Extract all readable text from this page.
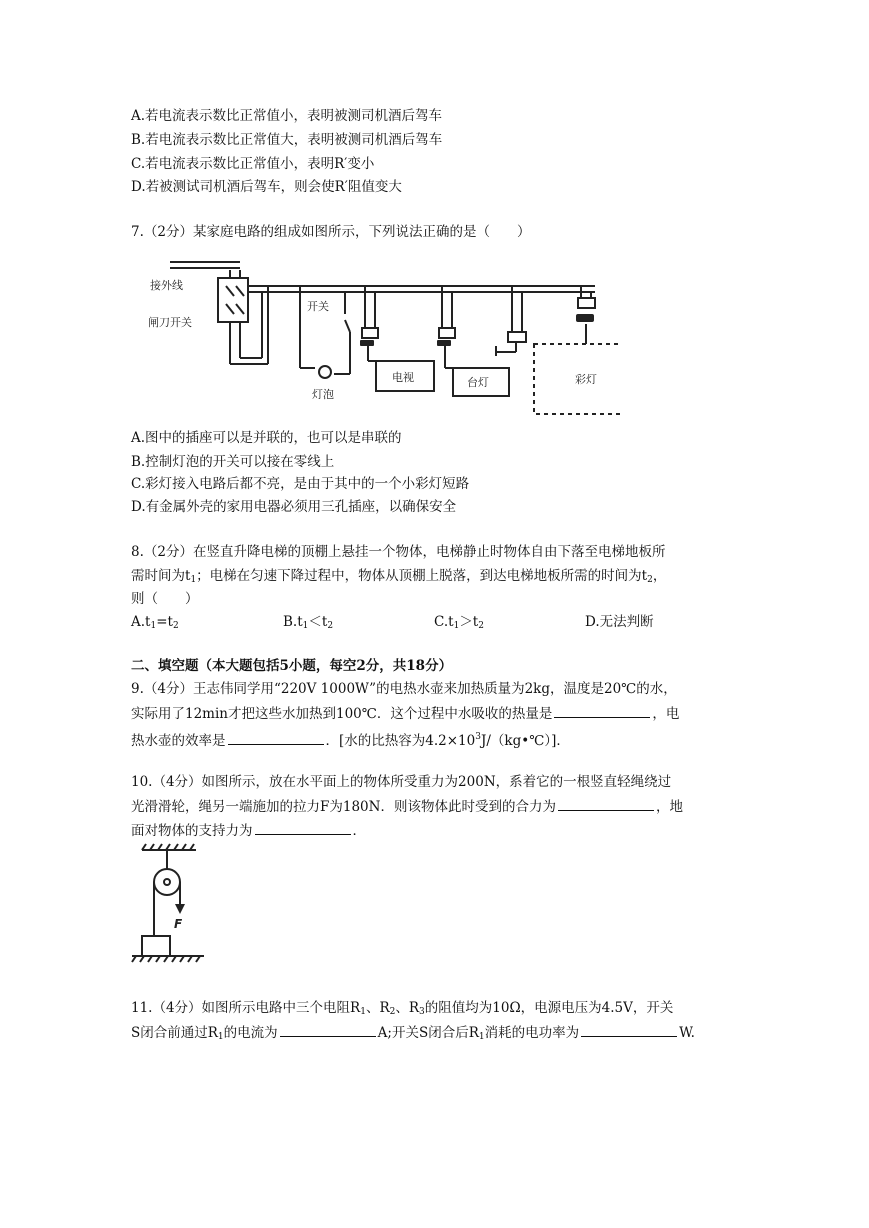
A.若电流表示数比正常值小，表明被测司机酒后驾车
B.若电流表示数比正常值大，表明被测司机酒后驾车
C.若电流表示数比正常值小，表明R′变小
D.若被测试司机酒后驾车，则会使R′阻值变大
7.（2分）某家庭电路的组成如图所示，下列说法正确的是（　　）
接外线
闸刀开关
开关
灯泡
电视	台灯	彩灯
A.图中的插座可以是并联的，也可以是串联的
B.控制灯泡的开关可以接在零线上
C.彩灯接入电路后都不亮，是由于其中的一个小彩灯短路
D.有金属外壳的家用电器必须用三孔插座，以确保安全
8.（2分）在竖直升降电梯的顶棚上悬挂一个物体，电梯静止时物体自由下落至电梯地板所
需时间为$t_1$；电梯在匀速下降过程中，物体从顶棚上脱落，到达电梯地板所需的时间为$t_2$，
则（　　）
$A.t_1=t_2$	$B.t_1<t_2$	$C.t_1>t_2$	D.无法判断
二、填空题（本大题包括5小题，每空2分，共18分）
9.（4分）王志伟同学用“220V 1000W”的电热水壶来加热质量为2kg，温度是20℃的水，
实际用了12min才把这些水加热到100℃．这个过程中水吸收的热量是	，电
热水壶的效率是	．[水的比热容为$4.2\times 10^3J/(kg•℃)$]．
10.（4分）如图所示，放在水平面上的物体所受重力为200N，系着它的一根竖直轻绳绕过
光滑滑轮，绳另一端施加的拉力F为180N．则该物体此时受到的合力为	，地
面对物体的支持力为	．
F
11.（4分）如图所示电路中三个电阻$R_1$、$R_2$、$R_3$的阻值均为10Ω，电源电压为4.5V，开关
S闭合前通过$R_1$的电流为	A;开关S闭合后$R_1$消耗的电功率为	W.
